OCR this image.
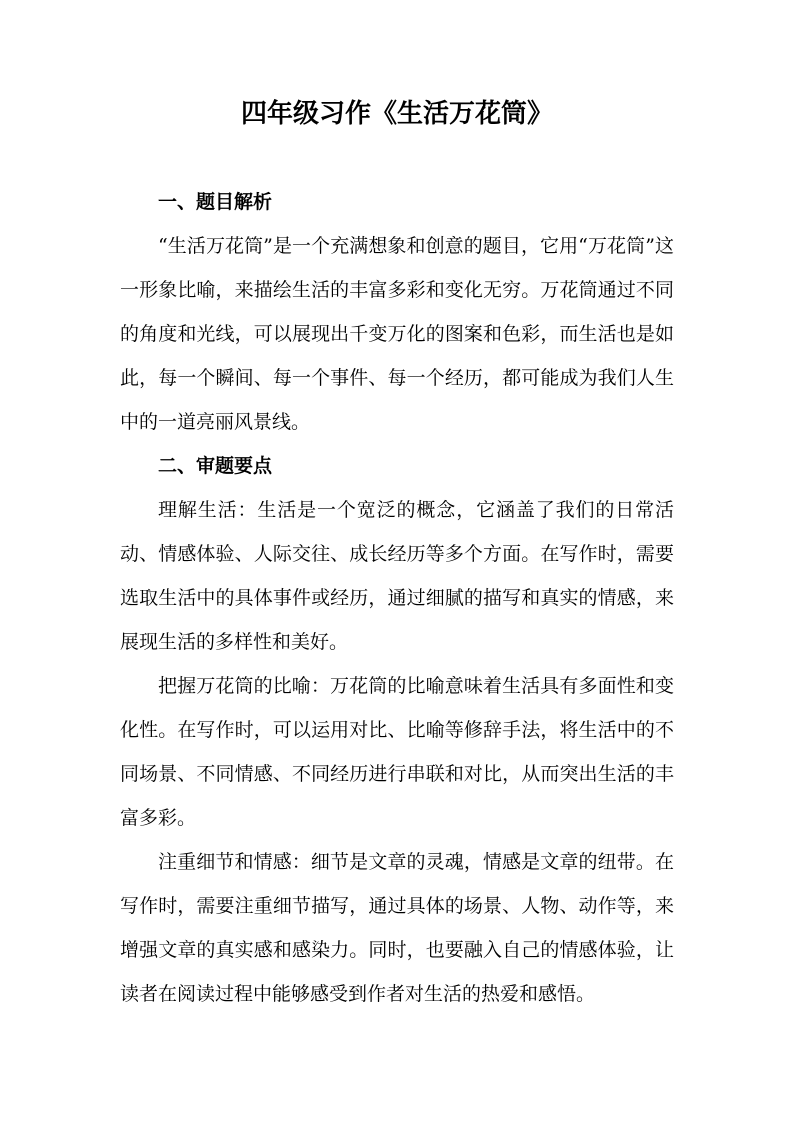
四年级习作《生活万花筒》
一、题目解析

“生活万花筒”是一个充满想象和创意的题目，它用“万花筒”这一形象比喻，来描绘生活的丰富多彩和变化无穷。万花筒通过不同的角度和光线，可以展现出千变万化的图案和色彩，而生活也是如此，每一个瞬间、每一个事件、每一个经历，都可能成为我们人生中的一道亮丽风景线。

二、审题要点

理解生活：生活是一个宽泛的概念，它涵盖了我们的日常活动、情感体验、人际交往、成长经历等多个方面。在写作时，需要选取生活中的具体事件或经历，通过细腻的描写和真实的情感，来展现生活的多样性和美好。

把握万花筒的比喻：万花筒的比喻意味着生活具有多面性和变化性。在写作时，可以运用对比、比喻等修辞手法，将生活中的不同场景、不同情感、不同经历进行串联和对比，从而突出生活的丰富多彩。

注重细节和情感：细节是文章的灵魂，情感是文章的纽带。在写作时，需要注重细节描写，通过具体的场景、人物、动作等，来增强文章的真实感和感染力。同时，也要融入自己的情感体验，让读者在阅读过程中能够感受到作者对生活的热爱和感悟。
